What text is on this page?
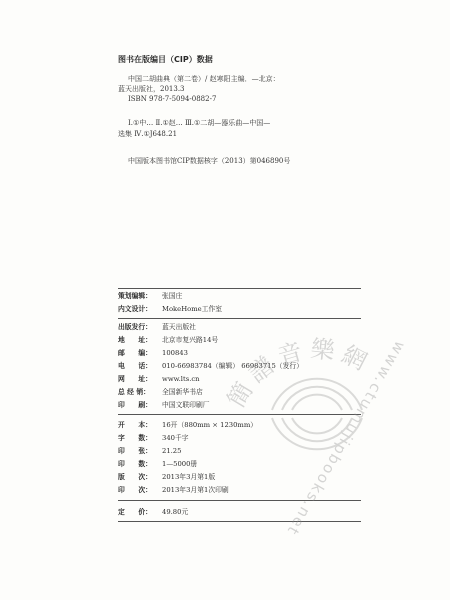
图书在版编目（CIP）数据
中国二胡曲典（第二卷）/ 赵寒阳主编．—北京：
蓝天出版社，2013.3
ISBN 978-7-5094-0882-7
Ⅰ.①中… Ⅱ.①赵… Ⅲ.①二胡—器乐曲—中国—
选集 Ⅳ.①J648.21
中国版本图书馆CIP数据核字（2013）第046890号
策划编辑： 张国庄
内文设计： MokeHome工作室
出版发行： 蓝天出版社
地　　址： 北京市复兴路14号
邮　　编： 100843
电　　话： 010-66983784（编辑） 66983715（发行）
网　　址： www.lts.cn
总 经 销： 全国新华书店
印　　刷： 中国文联印刷厂
开　　本： 16开（880mm × 1230mm）
字　　数： 340千字
印　　张： 21.25
印　　数： 1—5000册
版　　次： 2013年3月第1版
印　　次： 2013年3月第1次印刷
定　　价： 49.80元
簡譜音樂網 www.ctumujipbooks.net
